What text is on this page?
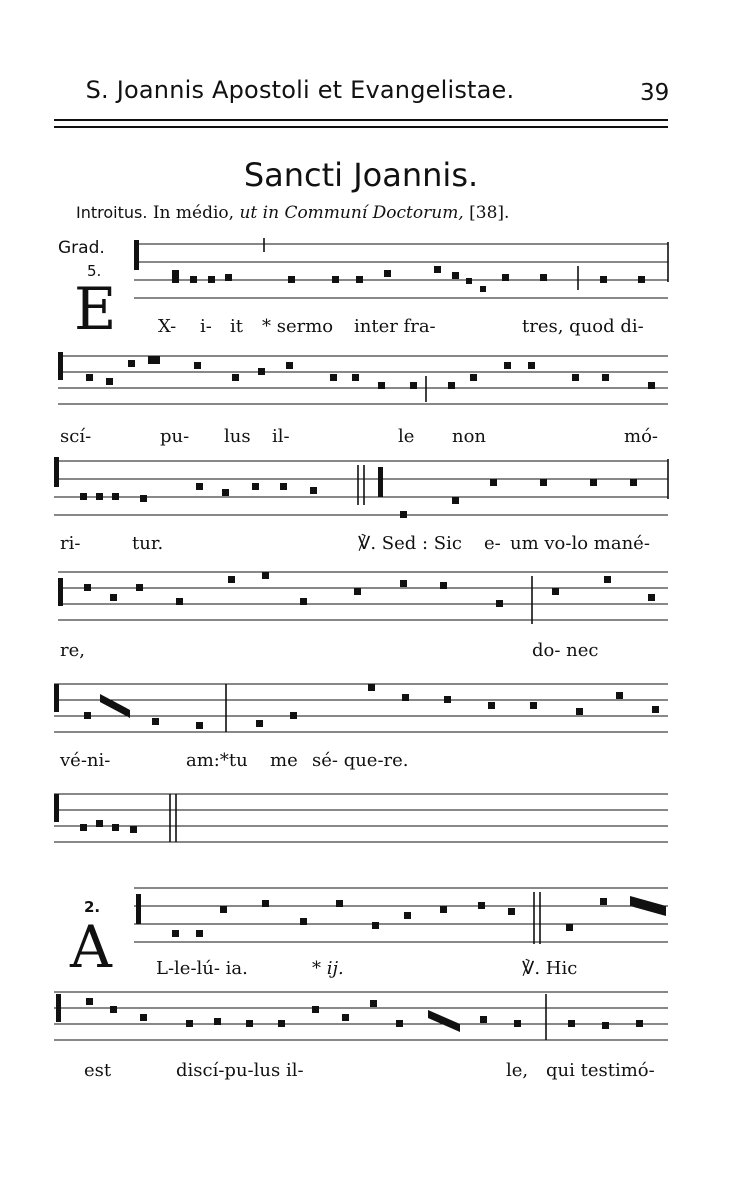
S. Joannis Apostoli et Evangelistae.	39
Sancti Joannis.
Introitus. In médio, ut in Communí Doctorum, [38].
Grad.
5.
E
2.
A
X- i- it * sermo inter fra-	tres, quod di-
scí-	pu- lus il-	le non	mó-
ri-	tur.	℣. Sed : Sic e- um vo-lo mané-
re,	do- nec
vé-ni-	am:*tu me sé- que-re.
L-le-lú- ia.	* ij.	℣. Hic
est	discí-pu-lus il-	le, qui testimó-
